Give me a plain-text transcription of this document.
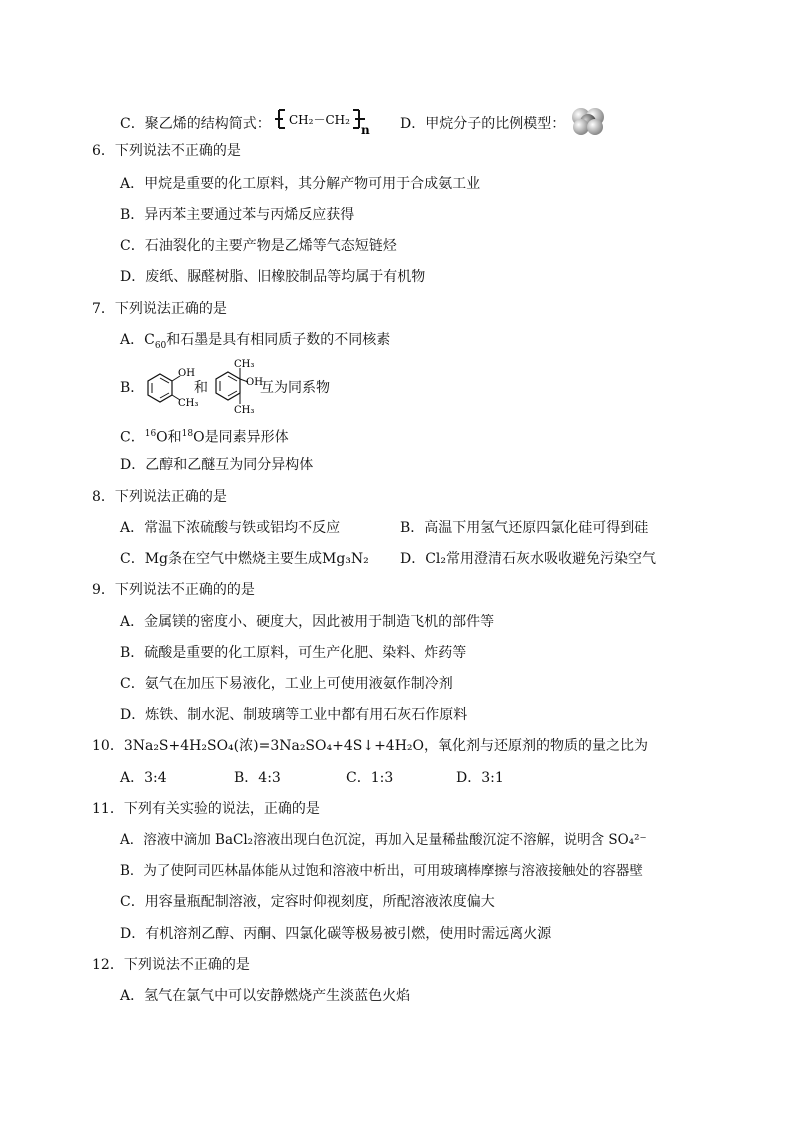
C．聚乙烯的结构简式： CH₂－CH₂
n D．甲烷分子的比例模型：
6．下列说法不正确的是
A．甲烷是重要的化工原料，其分解产物可用于合成氨工业
B．异丙苯主要通过苯与丙烯反应获得
C．石油裂化的主要产物是乙烯等气态短链烃
D．废纸、脲醛树脂、旧橡胶制品等均属于有机物
7．下列说法正确的是
A．$C_{60}$和石墨是具有相同质子数的不同核素
B．
OH
CH₃
和
CH₃
OH
CH₃
互为同系物
C．$^{16}$O和$^{18}$O是同素异形体
D．乙醇和乙醚互为同分异构体
8．下列说法正确的是
A．常温下浓硫酸与铁或铝均不反应	B．高温下用氢气还原四氯化硅可得到硅
C．Mg条在空气中燃烧主要生成Mg₃N₂ D．Cl₂常用澄清石灰水吸收避免污染空气
9．下列说法不正确的的是
A．金属镁的密度小、硬度大，因此被用于制造飞机的部件等
B．硫酸是重要的化工原料，可生产化肥、染料、炸药等
C．氨气在加压下易液化，工业上可使用液氨作制冷剂
D．炼铁、制水泥、制玻璃等工业中都有用石灰石作原料
10．3Na₂S+4H₂SO₄(浓)=3Na₂SO₄+4S↓+4H₂O，氧化剂与还原剂的物质的量之比为
A．3:4	B．4:3	C．1:3	D．3:1
11．下列有关实验的说法，正确的是
A．溶液中滴加 BaCl₂溶液出现白色沉淀，再加入足量稀盐酸沉淀不溶解，说明含 SO₄²⁻
B．为了使阿司匹林晶体能从过饱和溶液中析出，可用玻璃棒摩擦与溶液接触处的容器壁
C．用容量瓶配制溶液，定容时仰视刻度，所配溶液浓度偏大
D．有机溶剂乙醇、丙酮、四氯化碳等极易被引燃，使用时需远离火源
12．下列说法不正确的是
A．氢气在氯气中可以安静燃烧产生淡蓝色火焰
